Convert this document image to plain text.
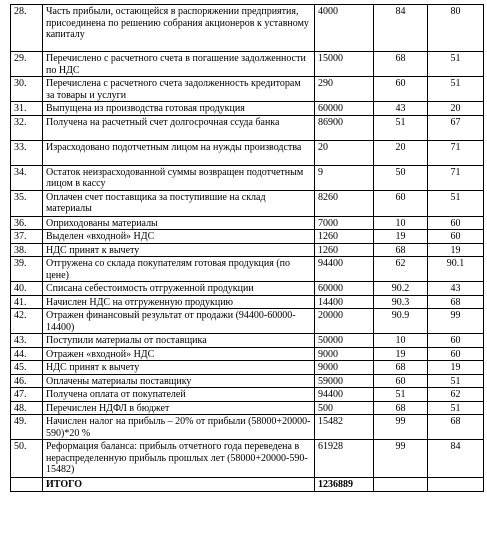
28.	Часть прибыли, остающейся в распоряжении предприятия, присоединена по решению собрания акционеров к уставному капиталу	4000	84	80
29.	Перечислено с расчетного счета в погашение задолженности по НДС	15000	68	51
30.	Перечислена с расчетного счета задолженность кредиторам за товары и услуги	290	60	51
31.	Выпущена из производства готовая продукция	60000	43	20
32.	Получена на расчетный счет долгосрочная ссуда банка	86900	51	67
33.	Израсходовано подотчетным лицом на нужды производства	20	20	71
34.	Остаток неизрасходованной суммы возвращен подотчетным лицом в кассу	9	50	71
35.	Оплачен счет поставщика за поступившие на склад материалы	8260	60	51
36.	Оприходованы материалы	7000	10	60
37.	Выделен «входной» НДС	1260	19	60
38.	НДС принят к вычету	1260	68	19
39.	Отгружена со склада покупателям готовая продукция (по цене)	94400	62	90.1
40.	Списана себестоимость отгруженной продукции	60000	90.2	43
41.	Начислен НДС на отгруженную продукцию	14400	90.3	68
42.	Отражен финансовый результат от продажи (94400-60000-14400)	20000	90.9	99
43.	Поступили материалы от поставщика	50000	10	60
44.	Отражен «входной» НДС	9000	19	60
45.	НДС принят к вычету	9000	68	19
46.	Оплачены материалы поставщику	59000	60	51
47.	Получена оплата от покупателей	94400	51	62
48.	Перечислен НДФЛ в бюджет	500	68	51
49.	Начислен налог на прибыль – 20% от прибыли (58000+20000-590)*20 %	15482	99	68
50.	Реформация баланса: прибыль отчетного года переведена в нераспределенную прибыль прошлых лет (58000+20000-590-15482)	61928	99	84
	ИТОГО	1236889		
